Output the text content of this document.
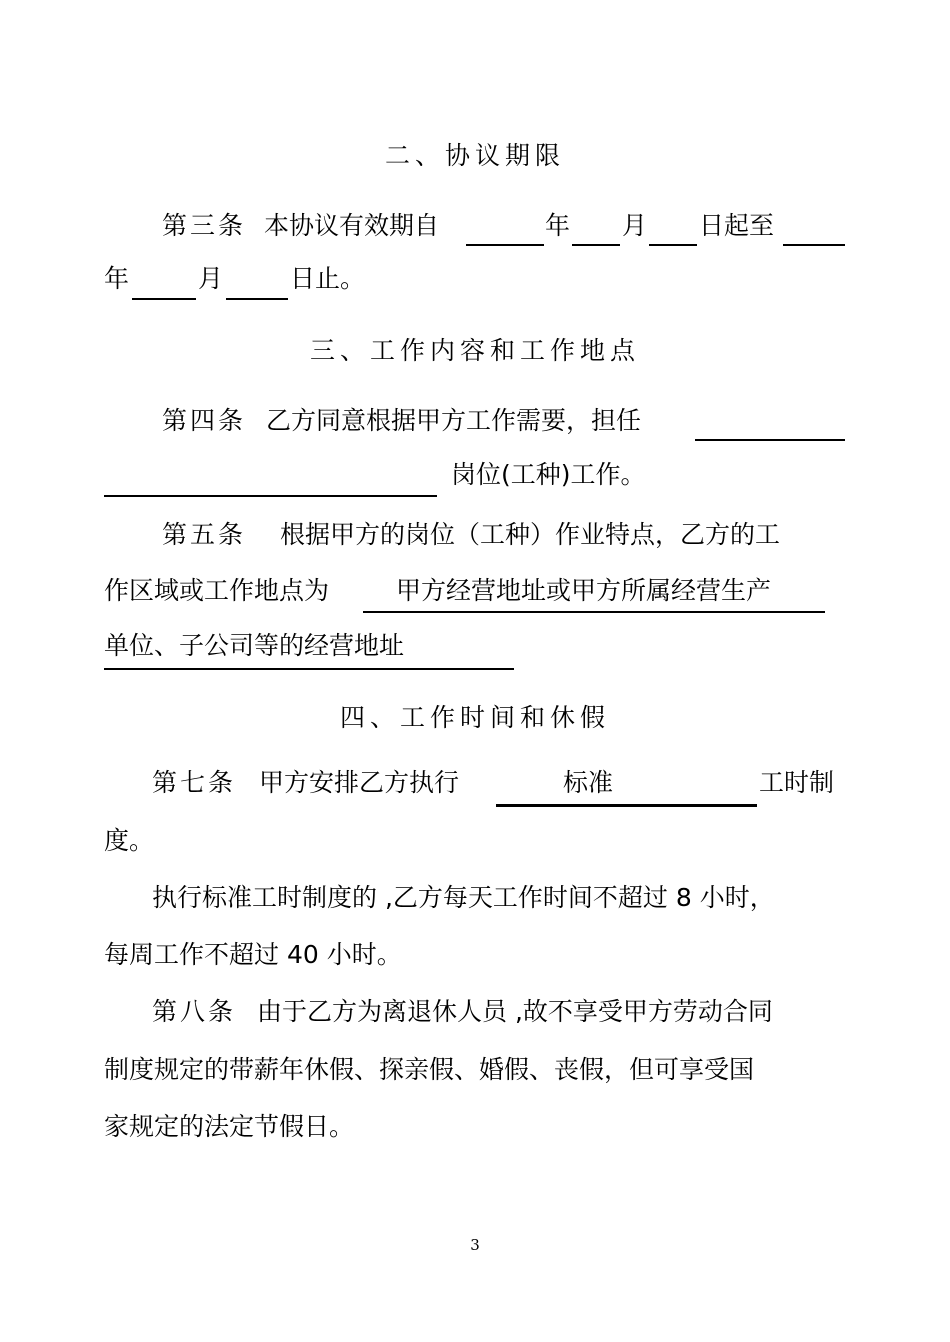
二、协议期限
第三条 本协议有效期自	年 月 日起至
年	月	日止。
三、工作内容和工作地点
第四条 乙方同意根据甲方工作需要，担任
岗位(工种)工作。
第五条 根据甲方的岗位（工种）作业特点，乙方的工
作区域或工作地点为	甲方经营地址或甲方所属经营生产
单位、子公司等的经营地址
四、工作时间和休假
第七条 甲方安排乙方执行	标准	工时制
度。
执行标准工时制度的 ,乙方每天工作时间不超过 8 小时，
每周工作不超过 40 小时。
第八条 由于乙方为离退休人员 ,故不享受甲方劳动合同
制度规定的带薪年休假、探亲假、婚假、丧假，但可享受国
家规定的法定节假日。
3
